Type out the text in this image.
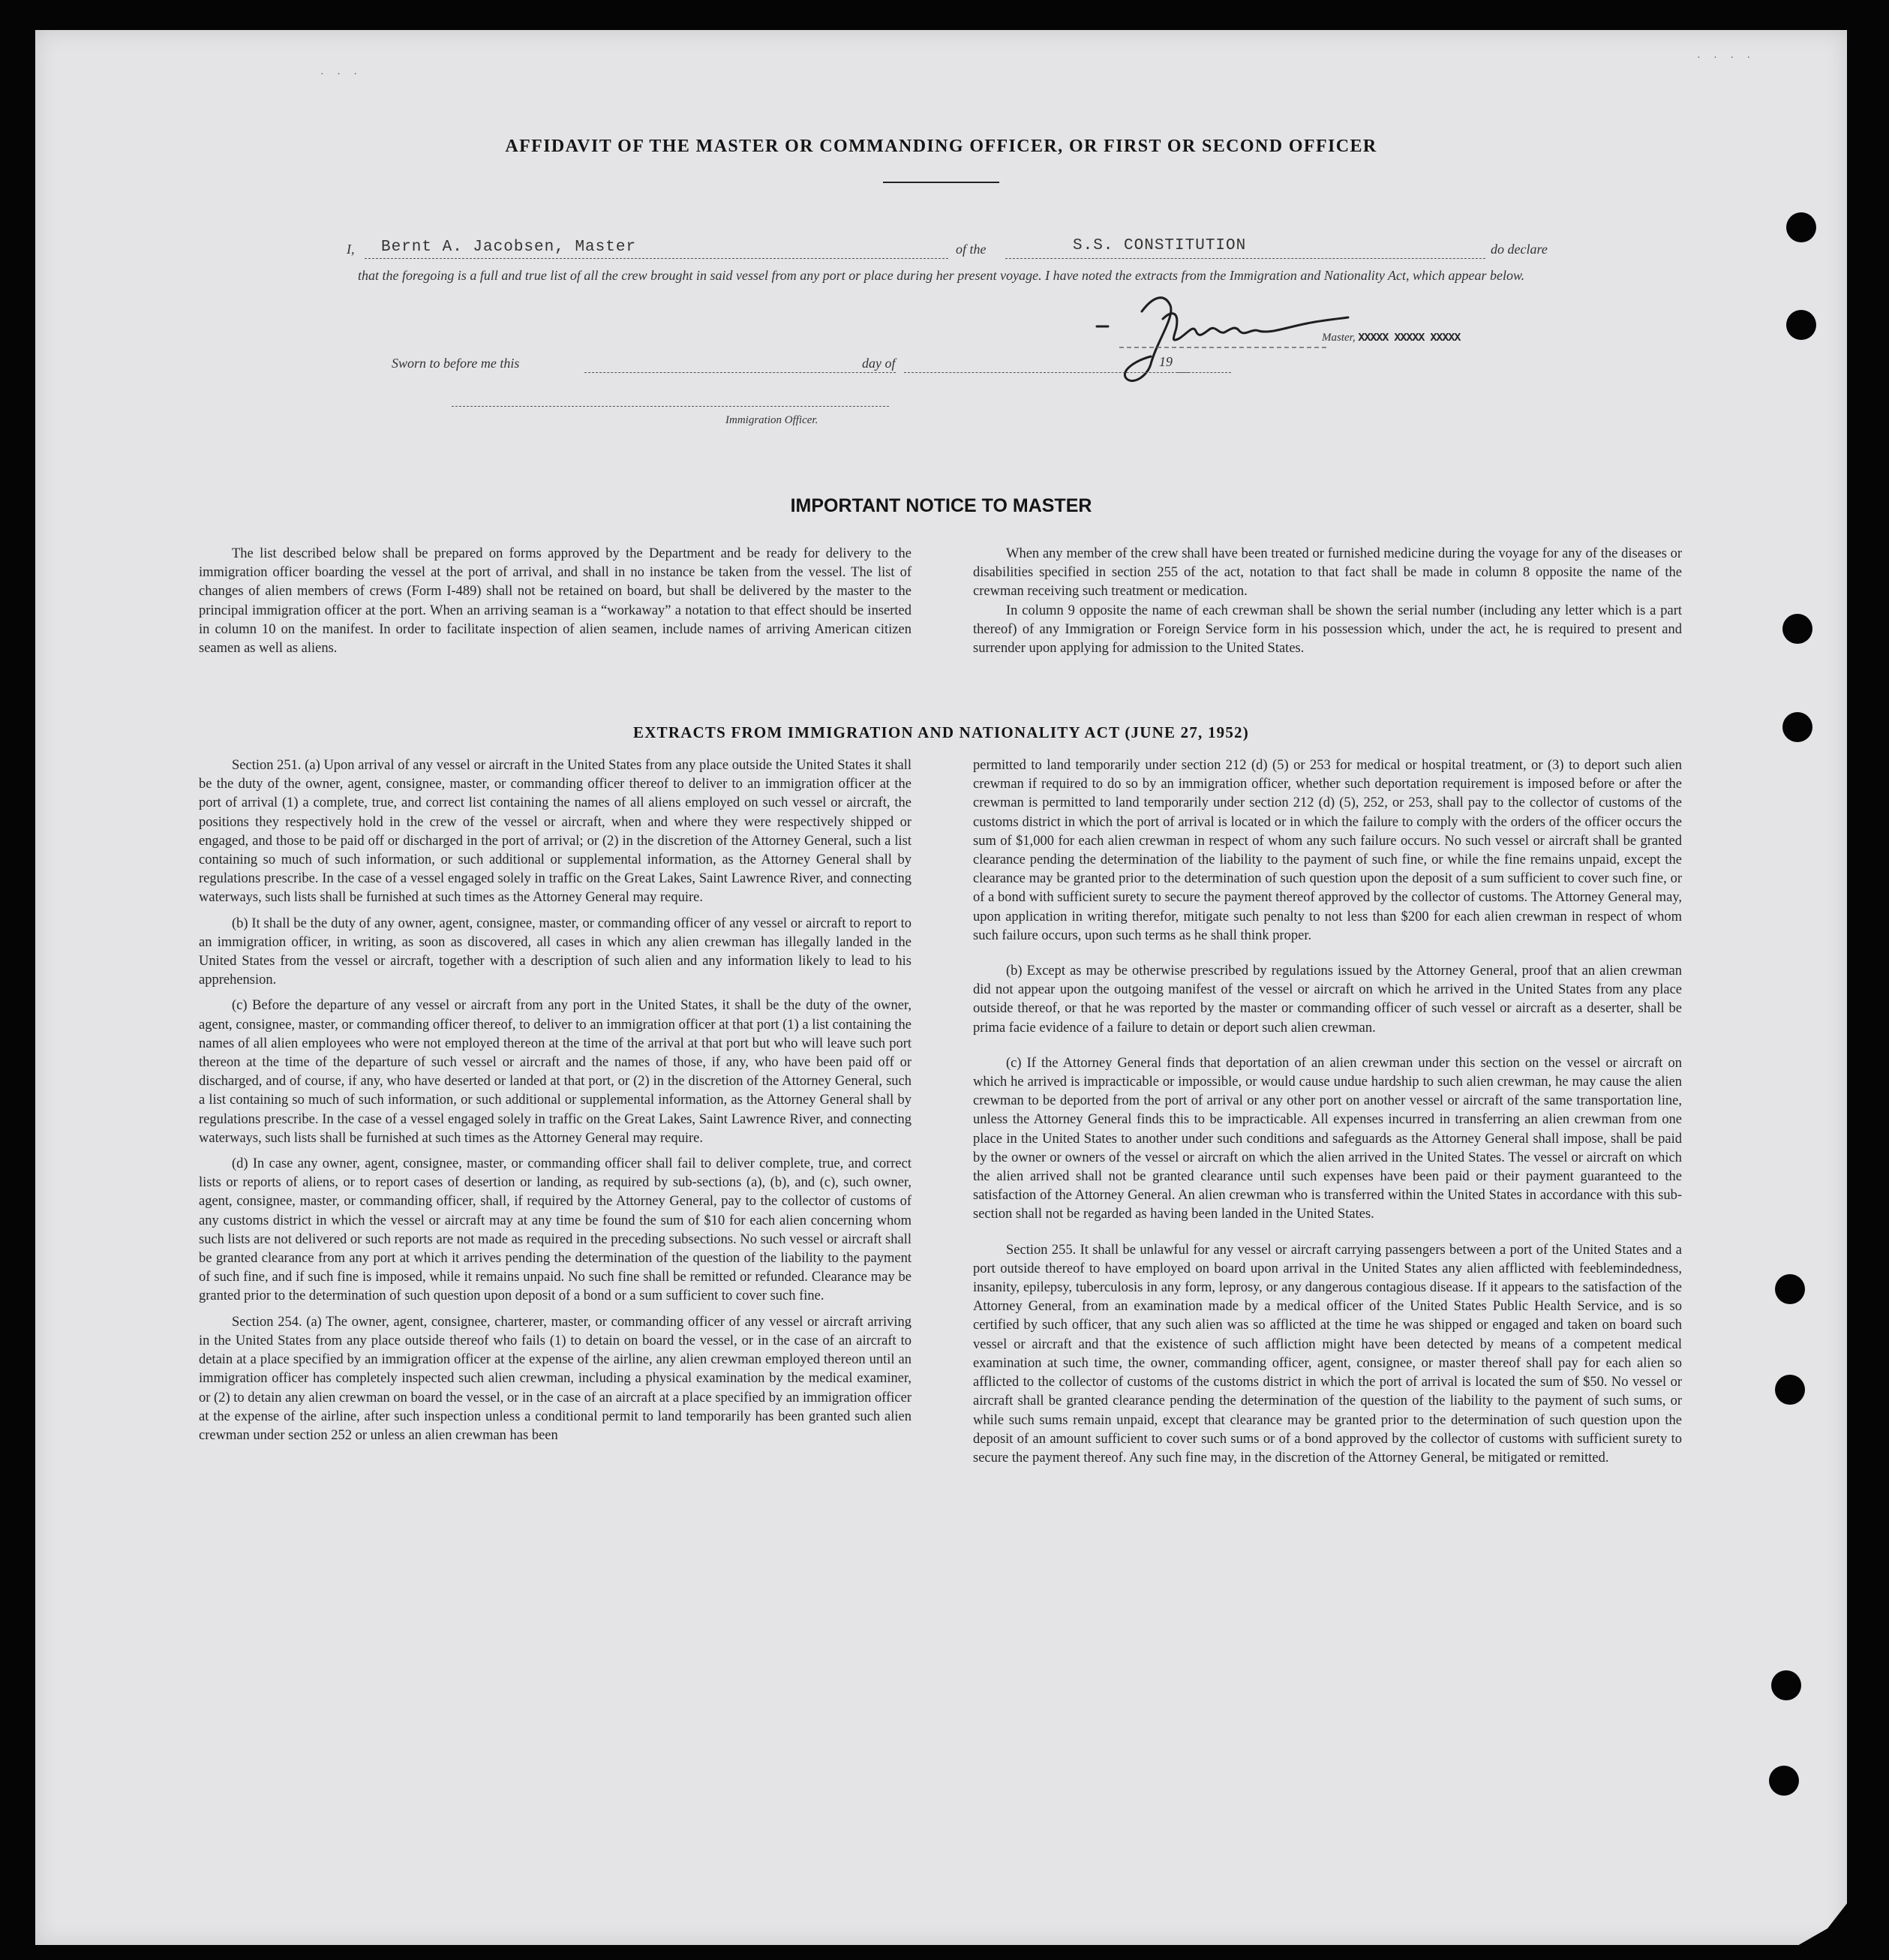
· · ·
· · · ·
AFFIDAVIT OF THE MASTER OR COMMANDING OFFICER, OR FIRST OR SECOND OFFICER
I, Bernt A. Jacobsen, Master	of the	S.S. CONSTITUTION	do declare

that the foregoing is a full and true list of all the crew brought in said vessel from any port or place during her present voyage. I have noted the extracts from the Immigration and Nationality Act, which appear below.

Master, XXXXX XXXXX XXXXX
Sworn to before me this	day of	19
Immigration Officer.
IMPORTANT NOTICE TO MASTER

The list described below shall be prepared on forms approved by the Department and be ready for delivery to the immigration officer boarding the vessel at the port of arrival, and shall in no instance be taken from the vessel. The list of changes of alien members of crews (Form I-489) shall not be retained on board, but shall be delivered by the master to the principal immigration officer at the port. When an arriving seaman is a “workaway” a notation to that effect should be inserted in column 10 on the manifest. In order to facilitate inspection of alien seamen, include names of arriving American citizen seamen as well as aliens.

When any member of the crew shall have been treated or furnished medicine during the voyage for any of the diseases or disabilities specified in section 255 of the act, notation to that fact shall be made in column 8 opposite the name of the crewman receiving such treatment or medication.

In column 9 opposite the name of each crewman shall be shown the serial number (including any letter which is a part thereof) of any Immigration or Foreign Service form in his possession which, under the act, he is required to present and surrender upon applying for admission to the United States.

EXTRACTS FROM IMMIGRATION AND NATIONALITY ACT (JUNE 27, 1952)

Section 251. (a) Upon arrival of any vessel or aircraft in the United States from any place outside the United States it shall be the duty of the owner, agent, consignee, master, or commanding officer thereof to deliver to an immigration officer at the port of arrival (1) a complete, true, and correct list containing the names of all aliens employed on such vessel or aircraft, the positions they respectively hold in the crew of the vessel or aircraft, when and where they were respectively shipped or engaged, and those to be paid off or discharged in the port of arrival; or (2) in the discretion of the Attorney General, such a list containing so much of such information, or such additional or supplemental information, as the Attorney General shall by regulations prescribe. In the case of a vessel engaged solely in traffic on the Great Lakes, Saint Lawrence River, and connecting waterways, such lists shall be furnished at such times as the Attorney General may require.

(b) It shall be the duty of any owner, agent, consignee, master, or commanding officer of any vessel or aircraft to report to an immigration officer, in writing, as soon as discovered, all cases in which any alien crewman has illegally landed in the United States from the vessel or aircraft, together with a description of such alien and any information likely to lead to his apprehension.

(c) Before the departure of any vessel or aircraft from any port in the United States, it shall be the duty of the owner, agent, consignee, master, or commanding officer thereof, to deliver to an immigration officer at that port (1) a list containing the names of all alien employees who were not employed thereon at the time of the arrival at that port but who will leave such port thereon at the time of the departure of such vessel or aircraft and the names of those, if any, who have been paid off or discharged, and of course, if any, who have deserted or landed at that port, or (2) in the discretion of the Attorney General, such a list containing so much of such information, or such additional or supplemental information, as the Attorney General shall by regulations prescribe. In the case of a vessel engaged solely in traffic on the Great Lakes, Saint Lawrence River, and connecting waterways, such lists shall be furnished at such times as the Attorney General may require.

(d) In case any owner, agent, consignee, master, or commanding officer shall fail to deliver complete, true, and correct lists or reports of aliens, or to report cases of desertion or landing, as required by sub-sections (a), (b), and (c), such owner, agent, consignee, master, or commanding officer, shall, if required by the Attorney General, pay to the collector of customs of any customs district in which the vessel or aircraft may at any time be found the sum of $10 for each alien concerning whom such lists are not delivered or such reports are not made as required in the preceding subsections. No such vessel or aircraft shall be granted clearance from any port at which it arrives pending the determination of the question of the liability to the payment of such fine, and if such fine is imposed, while it remains unpaid. No such fine shall be remitted or refunded. Clearance may be granted prior to the determination of such question upon deposit of a bond or a sum sufficient to cover such fine.

Section 254. (a) The owner, agent, consignee, charterer, master, or commanding officer of any vessel or aircraft arriving in the United States from any place outside thereof who fails (1) to detain on board the vessel, or in the case of an aircraft to detain at a place specified by an immigration officer at the expense of the airline, any alien crewman employed thereon until an immigration officer has completely inspected such alien crewman, including a physical examination by the medical examiner, or (2) to detain any alien crewman on board the vessel, or in the case of an aircraft at a place specified by an immigration officer at the expense of the airline, after such inspection unless a conditional permit to land temporarily has been granted such alien crewman under section 252 or unless an alien crewman has been

permitted to land temporarily under section 212 (d) (5) or 253 for medical or hospital treatment, or (3) to deport such alien crewman if required to do so by an immigration officer, whether such deportation requirement is imposed before or after the crewman is permitted to land temporarily under section 212 (d) (5), 252, or 253, shall pay to the collector of customs of the customs district in which the port of arrival is located or in which the failure to comply with the orders of the officer occurs the sum of $1,000 for each alien crewman in respect of whom any such failure occurs. No such vessel or aircraft shall be granted clearance pending the determination of the liability to the payment of such fine, or while the fine remains unpaid, except the clearance may be granted prior to the determination of such question upon the deposit of a sum sufficient to cover such fine, or of a bond with sufficient surety to secure the payment thereof approved by the collector of customs. The Attorney General may, upon application in writing therefor, mitigate such penalty to not less than $200 for each alien crewman in respect of whom such failure occurs, upon such terms as he shall think proper.

(b) Except as may be otherwise prescribed by regulations issued by the Attorney General, proof that an alien crewman did not appear upon the outgoing manifest of the vessel or aircraft on which he arrived in the United States from any place outside thereof, or that he was reported by the master or commanding officer of such vessel or aircraft as a deserter, shall be prima facie evidence of a failure to detain or deport such alien crewman.

(c) If the Attorney General finds that deportation of an alien crewman under this section on the vessel or aircraft on which he arrived is impracticable or impossible, or would cause undue hardship to such alien crewman, he may cause the alien crewman to be deported from the port of arrival or any other port on another vessel or aircraft of the same transportation line, unless the Attorney General finds this to be impracticable. All expenses incurred in transferring an alien crewman from one place in the United States to another under such conditions and safeguards as the Attorney General shall impose, shall be paid by the owner or owners of the vessel or aircraft on which the alien arrived in the United States. The vessel or aircraft on which the alien arrived shall not be granted clearance until such expenses have been paid or their payment guaranteed to the satisfaction of the Attorney General. An alien crewman who is transferred within the United States in accordance with this sub-section shall not be regarded as having been landed in the United States.

Section 255. It shall be unlawful for any vessel or aircraft carrying passengers between a port of the United States and a port outside thereof to have employed on board upon arrival in the United States any alien afflicted with feeblemindedness, insanity, epilepsy, tuberculosis in any form, leprosy, or any dangerous contagious disease. If it appears to the satisfaction of the Attorney General, from an examination made by a medical officer of the United States Public Health Service, and is so certified by such officer, that any such alien was so afflicted at the time he was shipped or engaged and taken on board such vessel or aircraft and that the existence of such affliction might have been detected by means of a competent medical examination at such time, the owner, commanding officer, agent, consignee, or master thereof shall pay for each alien so afflicted to the collector of customs of the customs district in which the port of arrival is located the sum of $50. No vessel or aircraft shall be granted clearance pending the determination of the question of the liability to the payment of such sums, or while such sums remain unpaid, except that clearance may be granted prior to the determination of such question upon the deposit of an amount sufficient to cover such sums or of a bond approved by the collector of customs with sufficient surety to secure the payment thereof. Any such fine may, in the discretion of the Attorney General, be mitigated or remitted.
